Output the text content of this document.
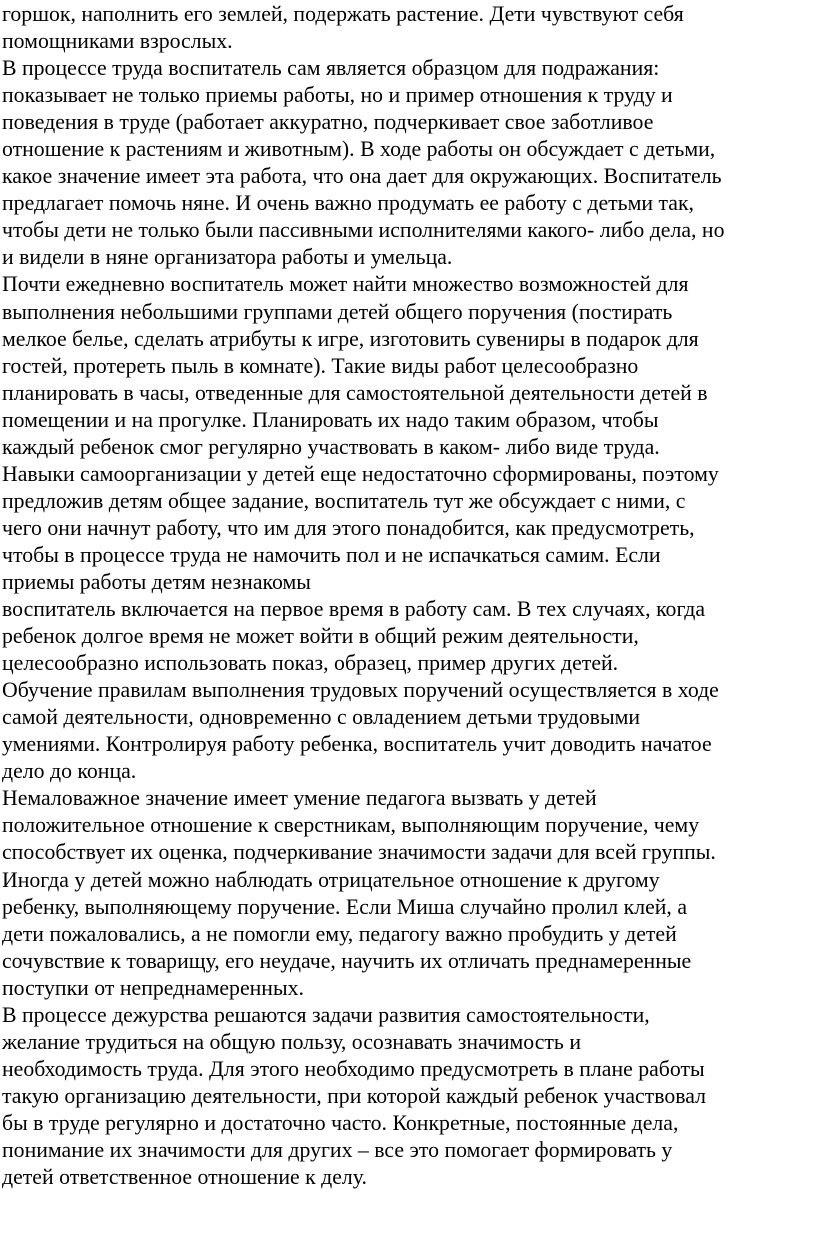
горшок, наполнить его землей, подержать растение. Дети чувствуют себя
помощниками взрослых.

В процессе труда воспитатель сам является образцом для подражания:
показывает не только приемы работы, но и пример отношения к труду и
поведения в труде (работает аккуратно, подчеркивает свое заботливое
отношение к растениям и животным). В ходе работы он обсуждает с детьми,
какое значение имеет эта работа, что она дает для окружающих. Воспитатель
предлагает помочь няне. И очень важно продумать ее работу с детьми так,
чтобы дети не только были пассивными исполнителями какого- либо дела, но
и видели в няне организатора работы и умельца.

Почти ежедневно воспитатель может найти множество возможностей для
выполнения небольшими группами детей общего поручения (постирать
мелкое белье, сделать атрибуты к игре, изготовить сувениры в подарок для
гостей, протереть пыль в комнате). Такие виды работ целесообразно
планировать в часы, отведенные для самостоятельной деятельности детей в
помещении и на прогулке. Планировать их надо таким образом, чтобы
каждый ребенок смог регулярно участвовать в каком- либо виде труда.

Навыки самоорганизации у детей еще недостаточно сформированы, поэтому
предложив детям общее задание, воспитатель тут же обсуждает с ними, с
чего они начнут работу, что им для этого понадобится, как предусмотреть,
чтобы в процессе труда не намочить пол и не испачкаться самим. Если
приемы работы детям незнакомы

воспитатель включается на первое время в работу сам. В тех случаях, когда
ребенок долгое время не может войти в общий режим деятельности,
целесообразно использовать показ, образец, пример других детей.

Обучение правилам выполнения трудовых поручений осуществляется в ходе
самой деятельности, одновременно с овладением детьми трудовыми
умениями. Контролируя работу ребенка, воспитатель учит доводить начатое
дело до конца.

Немаловажное значение имеет умение педагога вызвать у детей
положительное отношение к сверстникам, выполняющим поручение, чему
способствует их оценка, подчеркивание значимости задачи для всей группы.
Иногда у детей можно наблюдать отрицательное отношение к другому
ребенку, выполняющему поручение. Если Миша случайно пролил клей, а
дети пожаловались, а не помогли ему, педагогу важно пробудить у детей
сочувствие к товарищу, его неудаче, научить их отличать преднамеренные
поступки от непреднамеренных.

В процессе дежурства решаются задачи развития самостоятельности,
желание трудиться на общую пользу, осознавать значимость и
необходимость труда. Для этого необходимо предусмотреть в плане работы
такую организацию деятельности, при которой каждый ребенок участвовал
бы в труде регулярно и достаточно часто. Конкретные, постоянные дела,
понимание их значимости для других – все это помогает формировать у
детей ответственное отношение к делу.
